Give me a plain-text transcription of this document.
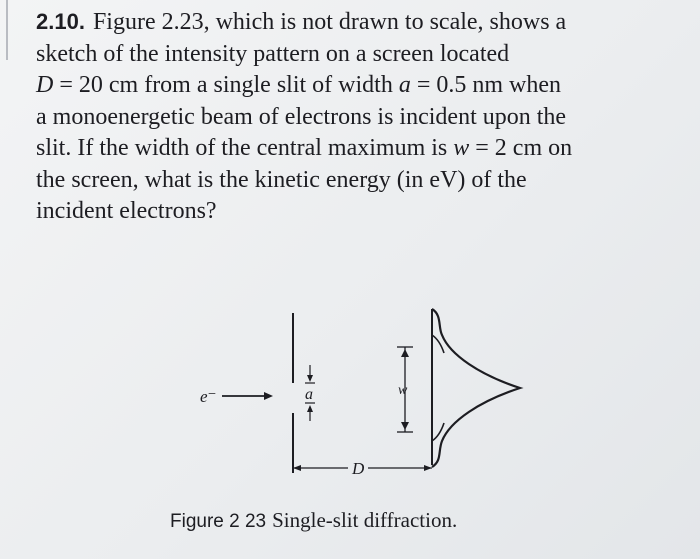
2.10. Figure 2.23, which is not drawn to scale, shows a
sketch of the intensity pattern on a screen located
D = 20 cm from a single slit of width a = 0.5 nm when
a monoenergetic beam of electrons is incident upon the
slit. If the width of the central maximum is w = 2 cm on
the screen, what is the kinetic energy (in eV) of the
incident electrons?
e⁻	a	w
D
Figure 2 23 Single-slit diffraction.
